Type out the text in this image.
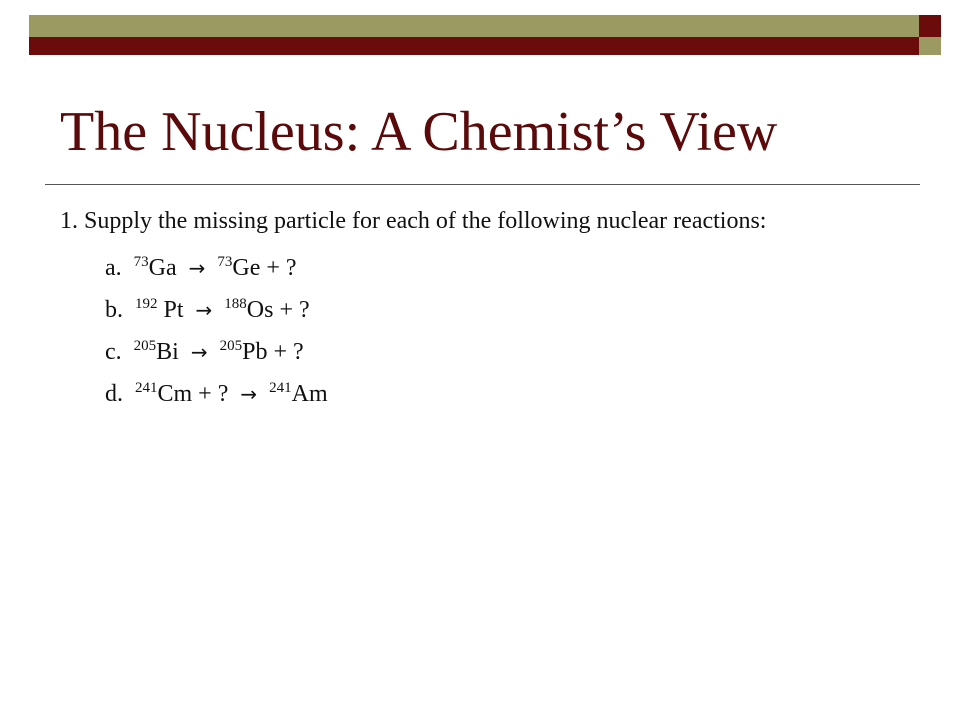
The Nucleus: A Chemist’s View

1. Supply the missing particle for each of the following nuclear reactions:

a. $^{73}$Ga → $^{73}$Ge + ?
b. $^{192}$ Pt → $^{188}$Os + ?
c. $^{205}$Bi → $^{205}$Pb + ?
d. $^{241}$Cm + ? → $^{241}$Am
